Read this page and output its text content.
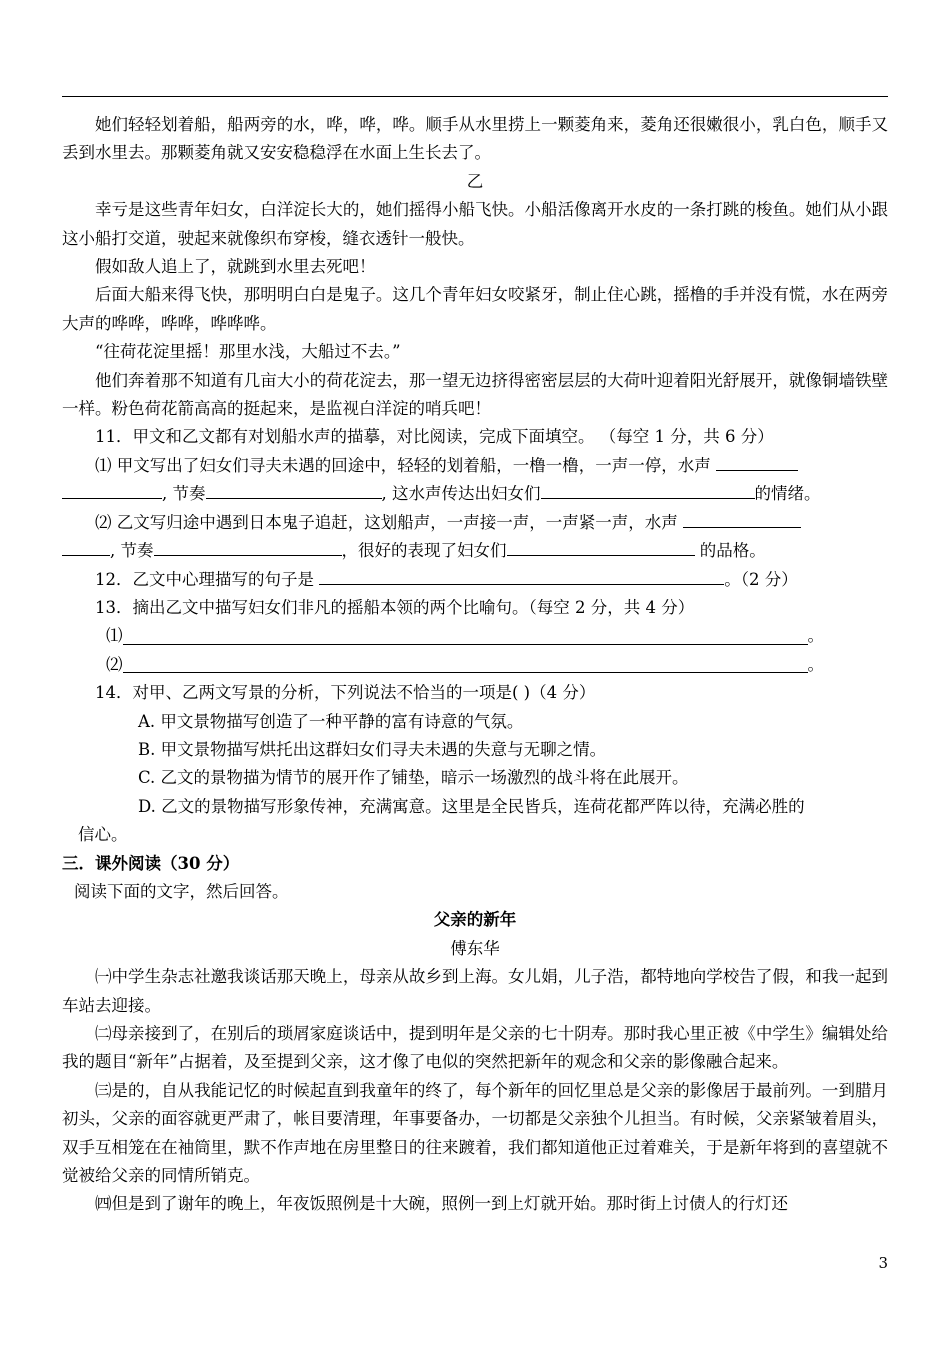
她们轻轻划着船，船两旁的水，哗，哗，哗。顺手从水里捞上一颗菱角来，菱角还很嫩很小，乳白色，顺手又丢到水里去。那颗菱角就又安安稳稳浮在水面上生长去了。

乙

幸亏是这些青年妇女，白洋淀长大的，她们摇得小船飞快。小船活像离开水皮的一条打跳的梭鱼。她们从小跟这小船打交道，驶起来就像织布穿梭，缝衣透针一般快。

假如敌人追上了，就跳到水里去死吧！

后面大船来得飞快，那明明白白是鬼子。这几个青年妇女咬紧牙，制止住心跳，摇橹的手并没有慌，水在两旁大声的哗哗，哗哗，哗哗哗。

“往荷花淀里摇！那里水浅，大船过不去。”

他们奔着那不知道有几亩大小的荷花淀去，那一望无边挤得密密层层的大荷叶迎着阳光舒展开，就像铜墙铁壁一样。粉色荷花箭高高的挺起来，是监视白洋淀的哨兵吧！

11．甲文和乙文都有对划船水声的描摹，对比阅读，完成下面填空。 （每空 1 分，共 6 分）

⑴ 甲文写出了妇女们寻夫未遇的回途中，轻轻的划着船，一橹一橹，一声一停，水声
, 节奏	, 这水声传达出妇女们	的情绪。
⑵ 乙文写归途中遇到日本鬼子追赶，这划船声，一声接一声，一声紧一声，水声
, 节奏	，很好的表现了妇女们	的品格。
12．乙文中心理描写的句子是	。（2 分）

13．摘出乙文中描写妇女们非凡的摇船本领的两个比喻句。（每空 2 分，共 4 分）

⑴	。
⑵	。

14．对甲、乙两文写景的分析，下列说法不恰当的一项是( )（4 分）

A. 甲文景物描写创造了一种平静的富有诗意的气氛。

B. 甲文景物描写烘托出这群妇女们寻夫未遇的失意与无聊之情。

C. 乙文的景物描为情节的展开作了铺垫，暗示一场激烈的战斗将在此展开。

D. 乙文的景物描写形象传神，充满寓意。这里是全民皆兵，连荷花都严阵以待，充满必胜的

信心。

三．课外阅读（30 分）

阅读下面的文字，然后回答。

父亲的新年

傅东华

㈠中学生杂志社邀我谈话那天晚上，母亲从故乡到上海。女儿娟，儿子浩，都特地向学校告了假，和我一起到车站去迎接。

㈡母亲接到了，在别后的琐屑家庭谈话中，提到明年是父亲的七十阴寿。那时我心里正被《中学生》编辑处给我的题目“新年”占据着，及至提到父亲，这才像了电似的突然把新年的观念和父亲的影像融合起来。

㈢是的，自从我能记忆的时候起直到我童年的终了，每个新年的回忆里总是父亲的影像居于最前列。一到腊月初头，父亲的面容就更严肃了，帐目要清理，年事要备办，一切都是父亲独个儿担当。有时候，父亲紧皱着眉头，双手互相笼在在袖筒里，默不作声地在房里整日的往来踱着，我们都知道他正过着难关，于是新年将到的喜望就不觉被给父亲的同情所销克。

㈣但是到了谢年的晚上，年夜饭照例是十大碗，照例一到上灯就开始。那时街上讨债人的行灯还

3
